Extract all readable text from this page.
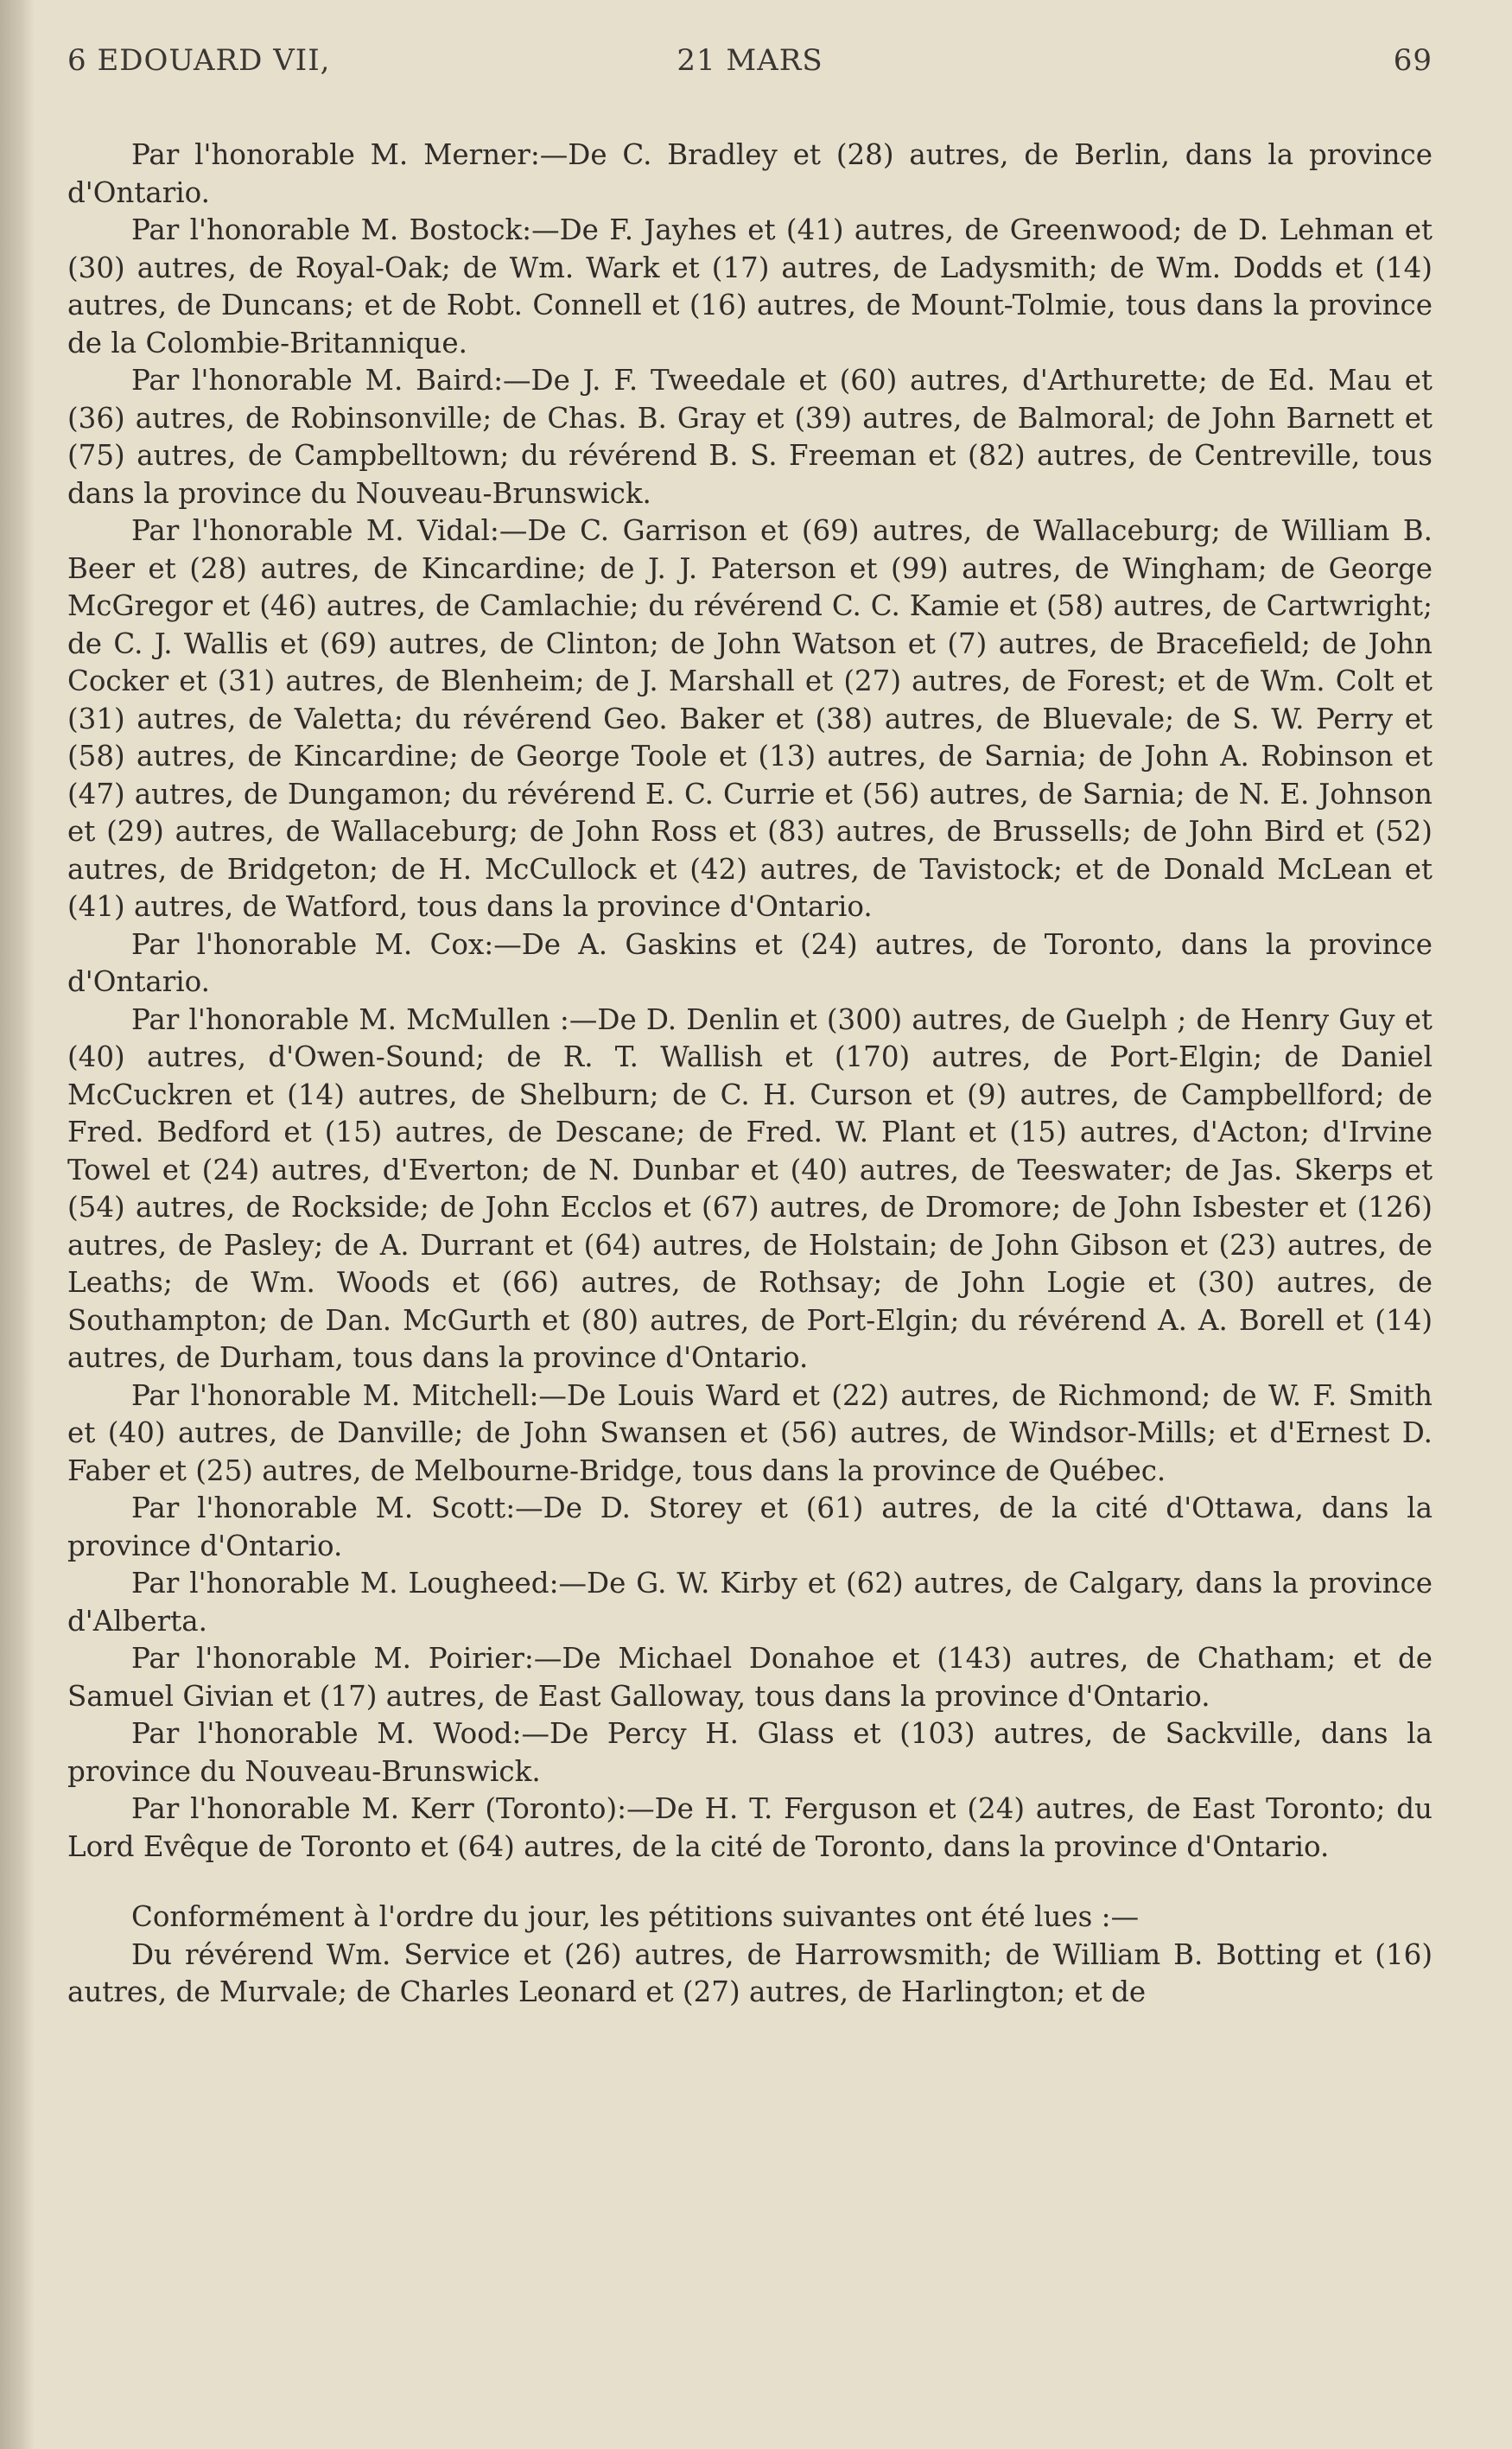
6 EDOUARD VII,	21 MARS	69

Par l'honorable M. Merner:—De C. Bradley et (28) autres, de Berlin, dans la province d'Ontario.

Par l'honorable M. Bostock:—De F. Jayhes et (41) autres, de Greenwood; de D. Lehman et (30) autres, de Royal-Oak; de Wm. Wark et (17) autres, de Ladysmith; de Wm. Dodds et (14) autres, de Duncans; et de Robt. Connell et (16) autres, de Mount-Tolmie, tous dans la province de la Colombie-Britannique.

Par l'honorable M. Baird:—De J. F. Tweedale et (60) autres, d'Arthurette; de Ed. Mau et (36) autres, de Robinsonville; de Chas. B. Gray et (39) autres, de Balmoral; de John Barnett et (75) autres, de Campbelltown; du révérend B. S. Freeman et (82) autres, de Centreville, tous dans la province du Nouveau-Brunswick.

Par l'honorable M. Vidal:—De C. Garrison et (69) autres, de Wallaceburg; de William B. Beer et (28) autres, de Kincardine; de J. J. Paterson et (99) autres, de Wingham; de George McGregor et (46) autres, de Camlachie; du révérend C. C. Kamie et (58) autres, de Cartwright; de C. J. Wallis et (69) autres, de Clinton; de John Watson et (7) autres, de Bracefield; de John Cocker et (31) autres, de Blenheim; de J. Marshall et (27) autres, de Forest; et de Wm. Colt et (31) autres, de Valetta; du révérend Geo. Baker et (38) autres, de Bluevale; de S. W. Perry et (58) autres, de Kincardine; de George Toole et (13) autres, de Sarnia; de John A. Robinson et (47) autres, de Dungamon; du révérend E. C. Currie et (56) autres, de Sarnia; de N. E. Johnson et (29) autres, de Wallaceburg; de John Ross et (83) autres, de Brussells; de John Bird et (52) autres, de Bridgeton; de H. McCullock et (42) autres, de Tavistock; et de Donald McLean et (41) autres, de Watford, tous dans la province d'Ontario.

Par l'honorable M. Cox:—De A. Gaskins et (24) autres, de Toronto, dans la province d'Ontario.

Par l'honorable M. McMullen :—De D. Denlin et (300) autres, de Guelph ; de Henry Guy et (40) autres, d'Owen-Sound; de R. T. Wallish et (170) autres, de Port-Elgin; de Daniel McCuckren et (14) autres, de Shelburn; de C. H. Curson et (9) autres, de Campbellford; de Fred. Bedford et (15) autres, de Descane; de Fred. W. Plant et (15) autres, d'Acton; d'Irvine Towel et (24) autres, d'Everton; de N. Dunbar et (40) autres, de Teeswater; de Jas. Skerps et (54) autres, de Rockside; de John Ecclos et (67) autres, de Dromore; de John Isbester et (126) autres, de Pasley; de A. Durrant et (64) autres, de Holstain; de John Gibson et (23) autres, de Leaths; de Wm. Woods et (66) autres, de Rothsay; de John Logie et (30) autres, de Southampton; de Dan. McGurth et (80) autres, de Port-Elgin; du révérend A. A. Borell et (14) autres, de Durham, tous dans la province d'Ontario.

Par l'honorable M. Mitchell:—De Louis Ward et (22) autres, de Richmond; de W. F. Smith et (40) autres, de Danville; de John Swansen et (56) autres, de Windsor-Mills; et d'Ernest D. Faber et (25) autres, de Melbourne-Bridge, tous dans la province de Québec.

Par l'honorable M. Scott:—De D. Storey et (61) autres, de la cité d'Ottawa, dans la province d'Ontario.

Par l'honorable M. Lougheed:—De G. W. Kirby et (62) autres, de Calgary, dans la province d'Alberta.

Par l'honorable M. Poirier:—De Michael Donahoe et (143) autres, de Chatham; et de Samuel Givian et (17) autres, de East Galloway, tous dans la province d'Ontario.

Par l'honorable M. Wood:—De Percy H. Glass et (103) autres, de Sackville, dans la province du Nouveau-Brunswick.

Par l'honorable M. Kerr (Toronto):—De H. T. Ferguson et (24) autres, de East Toronto; du Lord Evêque de Toronto et (64) autres, de la cité de Toronto, dans la province d'Ontario.

Conformément à l'ordre du jour, les pétitions suivantes ont été lues :—

Du révérend Wm. Service et (26) autres, de Harrowsmith; de William B. Botting et (16) autres, de Murvale; de Charles Leonard et (27) autres, de Harlington; et de
